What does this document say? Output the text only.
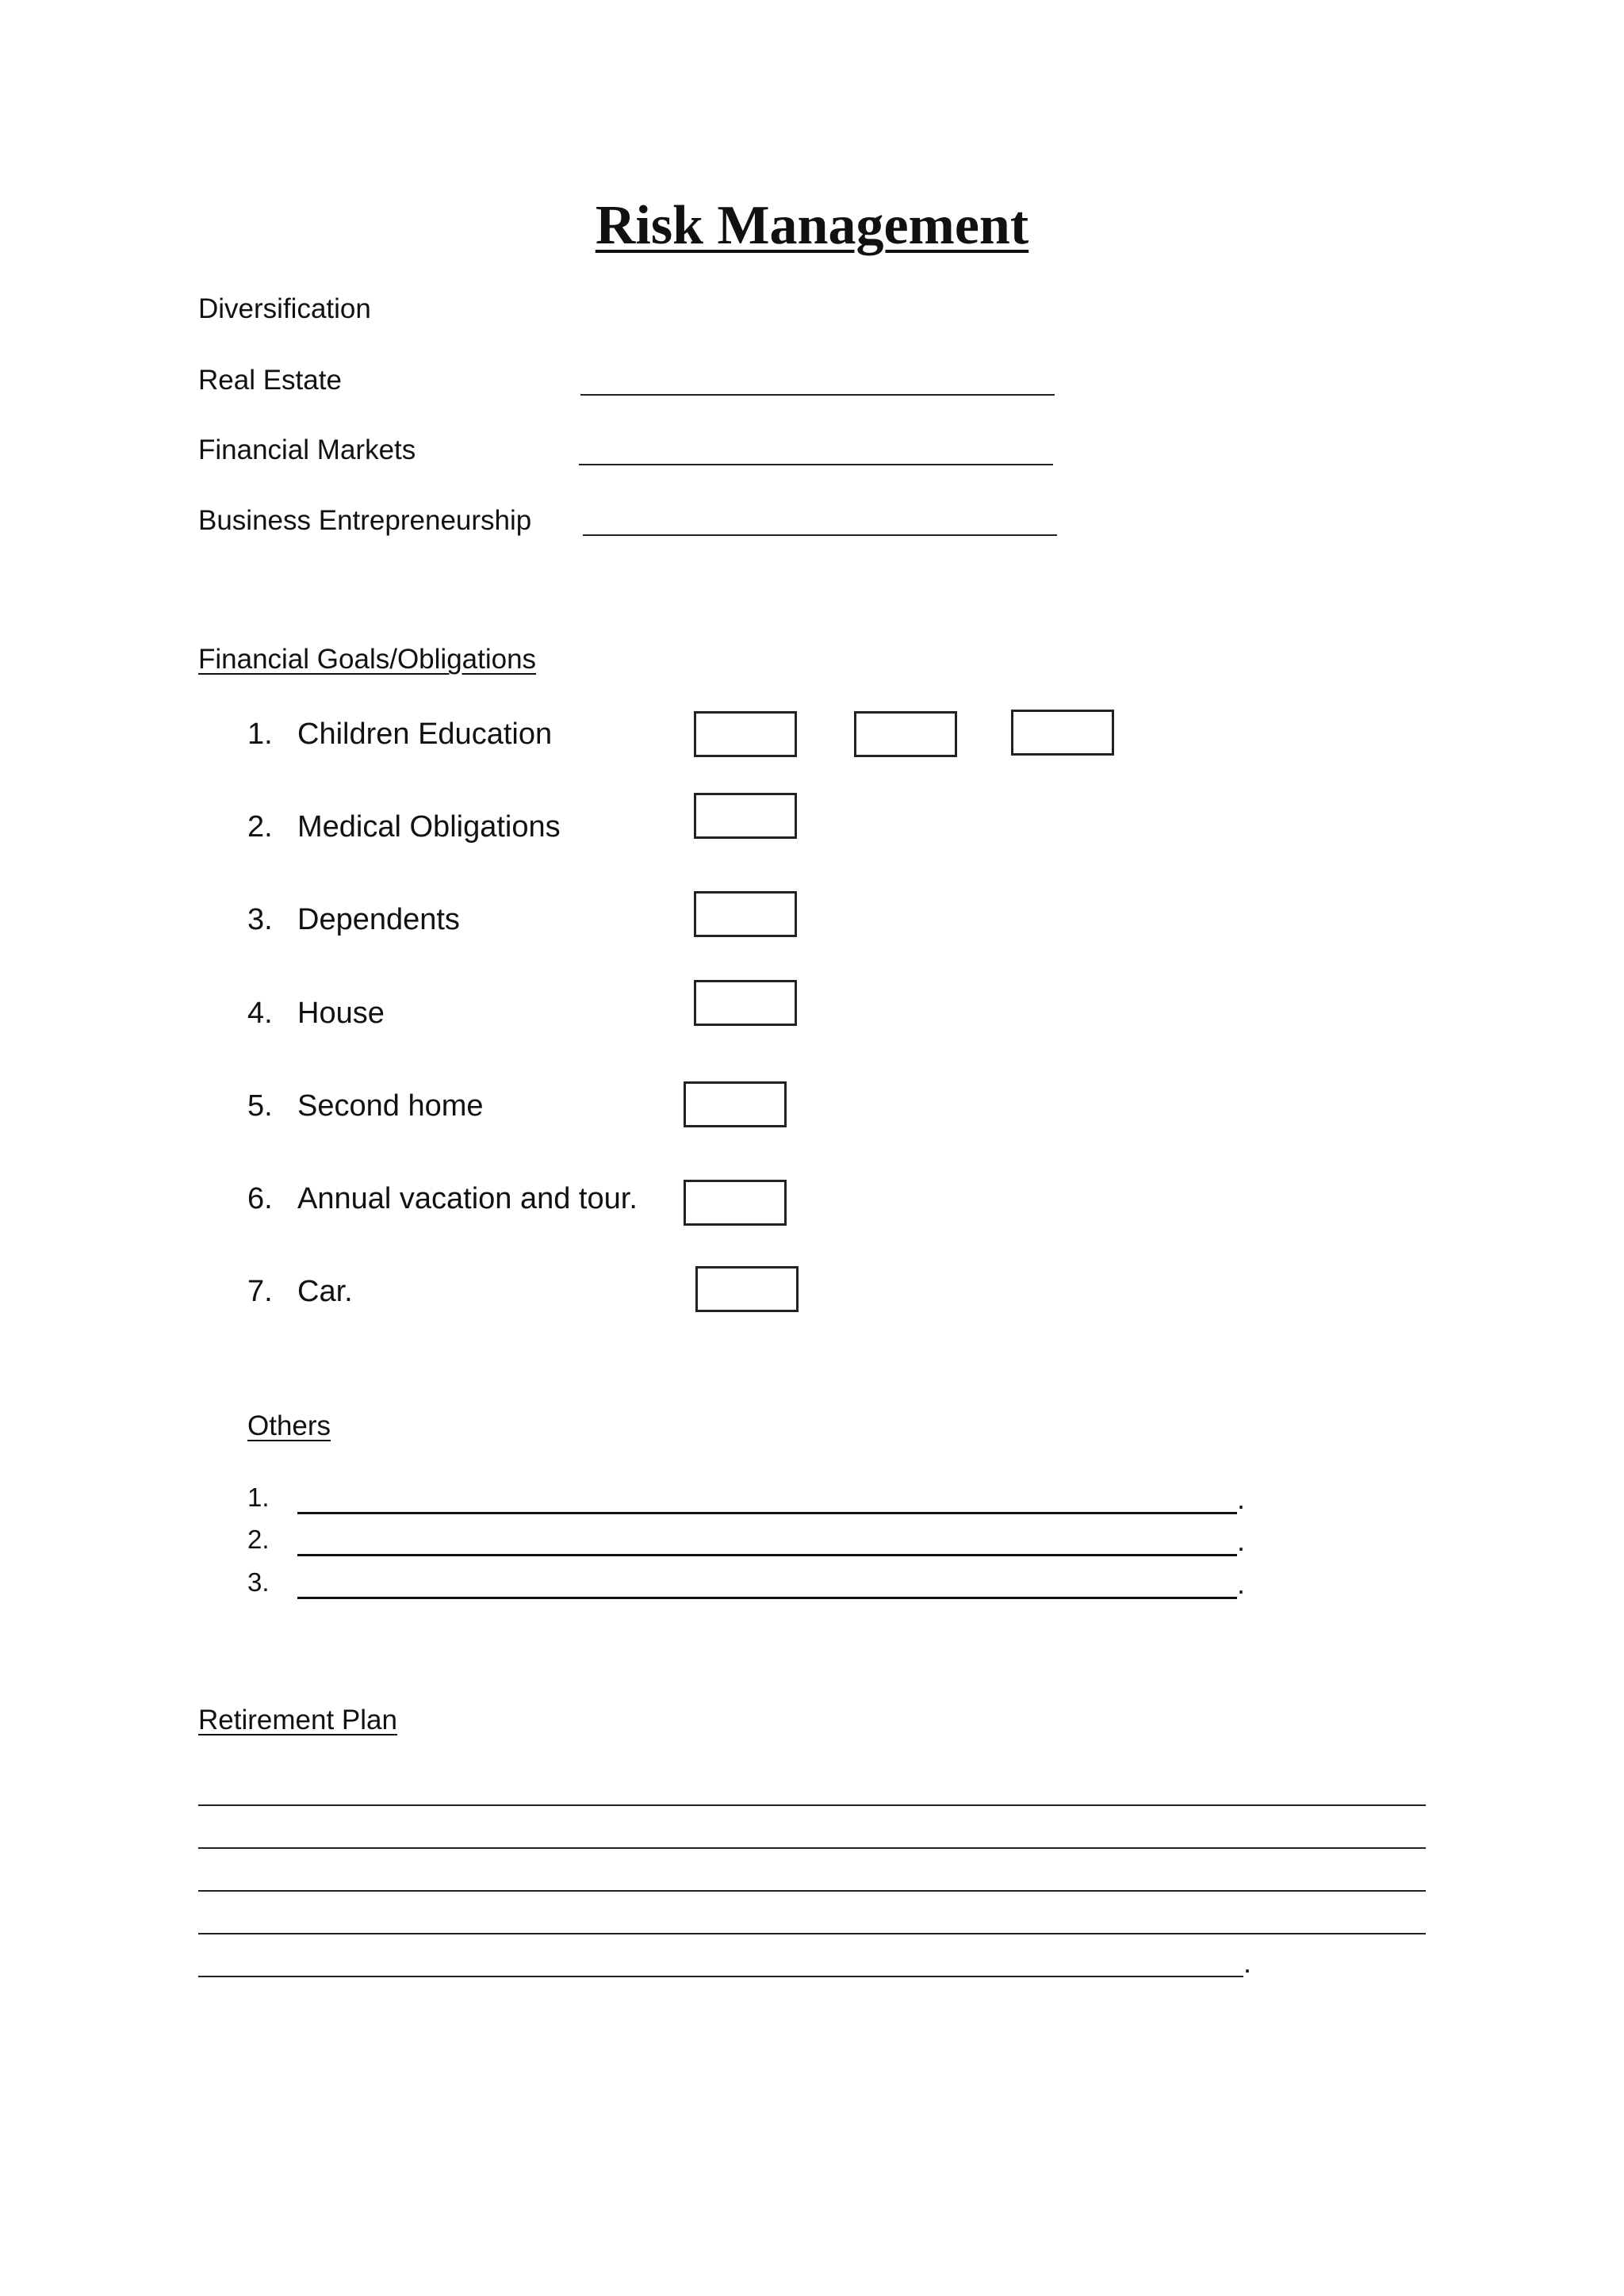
Risk Management
Diversification
Real Estate
Financial Markets
Business Entrepreneurship
Financial Goals/Obligations
1. Children Education
2. Medical Obligations
3. Dependents
4. House
5. Second home
6. Annual vacation and tour.
7. Car.
Others
1.	.
2.	.
3.	.
Retirement Plan
.
